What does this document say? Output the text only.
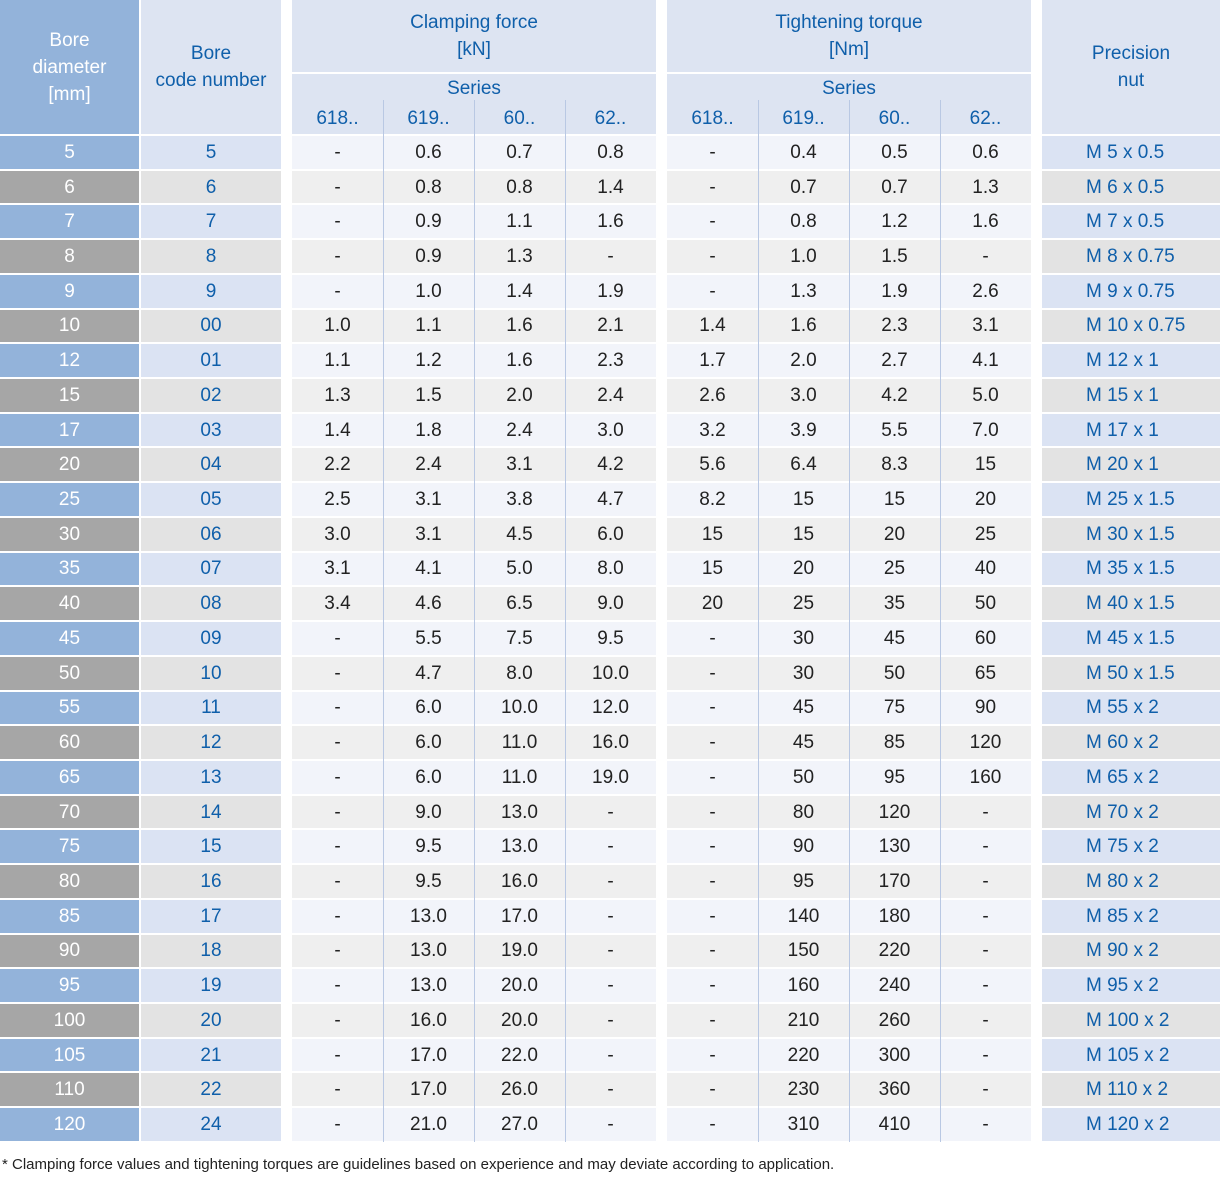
Bore
diameter
[mm]
Bore
code number
Precision
nut
Clamping force
[kN]
Series
618..	619..	60..	62..
Tightening torque
[Nm]
Series
618..	619..	60..	62..
5	5	-	0.6	0.7	0.8	-	0.4	0.5	0.6	M 5 x 0.5
6	6	-	0.8	0.8	1.4	-	0.7	0.7	1.3	M 6 x 0.5
7	7	-	0.9	1.1	1.6	-	0.8	1.2	1.6	M 7 x 0.5
8	8	-	0.9	1.3	-	-	1.0	1.5	-	M 8 x 0.75
9	9	-	1.0	1.4	1.9	-	1.3	1.9	2.6	M 9 x 0.75
10	00	1.0	1.1	1.6	2.1	1.4	1.6	2.3	3.1	M 10 x 0.75
12	01	1.1	1.2	1.6	2.3	1.7	2.0	2.7	4.1	M 12 x 1
15	02	1.3	1.5	2.0	2.4	2.6	3.0	4.2	5.0	M 15 x 1
17	03	1.4	1.8	2.4	3.0	3.2	3.9	5.5	7.0	M 17 x 1
20	04	2.2	2.4	3.1	4.2	5.6	6.4	8.3	15	M 20 x 1
25	05	2.5	3.1	3.8	4.7	8.2	15	15	20	M 25 x 1.5
30	06	3.0	3.1	4.5	6.0	15	15	20	25	M 30 x 1.5
35	07	3.1	4.1	5.0	8.0	15	20	25	40	M 35 x 1.5
40	08	3.4	4.6	6.5	9.0	20	25	35	50	M 40 x 1.5
45	09	-	5.5	7.5	9.5	-	30	45	60	M 45 x 1.5
50	10	-	4.7	8.0	10.0	-	30	50	65	M 50 x 1.5
55	11	-	6.0	10.0	12.0	-	45	75	90	M 55 x 2
60	12	-	6.0	11.0	16.0	-	45	85	120	M 60 x 2
65	13	-	6.0	11.0	19.0	-	50	95	160	M 65 x 2
70	14	-	9.0	13.0	-	-	80	120	-	M 70 x 2
75	15	-	9.5	13.0	-	-	90	130	-	M 75 x 2
80	16	-	9.5	16.0	-	-	95	170	-	M 80 x 2
85	17	-	13.0	17.0	-	-	140	180	-	M 85 x 2
90	18	-	13.0	19.0	-	-	150	220	-	M 90 x 2
95	19	-	13.0	20.0	-	-	160	240	-	M 95 x 2
100	20	-	16.0	20.0	-	-	210	260	-	M 100 x 2
105	21	-	17.0	22.0	-	-	220	300	-	M 105 x 2
110	22	-	17.0	26.0	-	-	230	360	-	M 110 x 2
120	24	-	21.0	27.0	-	-	310	410	-	M 120 x 2
* Clamping force values and tightening torques are guidelines based on experience and may deviate according to application.
